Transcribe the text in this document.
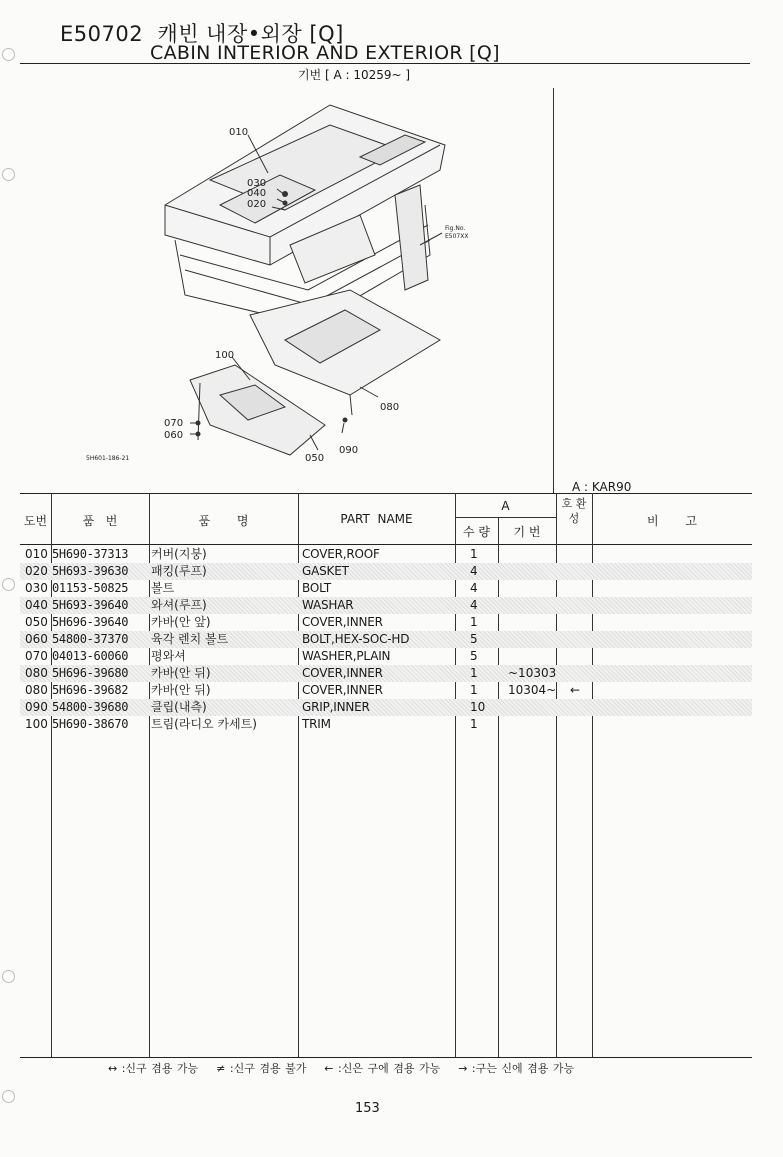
E50702 캐빈 내장•외장 [Q]
CABIN INTERIOR AND EXTERIOR [Q]
기번 [ A : 10259~ ]
010
030
040
020
100
070
060
080
090
050
Fig.No.
E507XX
5H601-186-21
A : KAR90
도번	품   번	품       명	PART  NAME
A
수 량	기 번
호 환 성	비       고
010 5H690-37313 커버(지붕)	COVER,ROOF	1
020 5H693-39630 패킹(루프)	GASKET	4
030 01153-50825 볼트	BOLT	4
040 5H693-39640 와셔(루프)	WASHAR	4
050 5H696-39640 카바(안 앞)	COVER,INNER	1
060 54800-37370 육각 렌치 볼트	BOLT,HEX-SOC-HD	5
070 04013-60060 평와셔	WASHER,PLAIN	5
080 5H696-39680 카바(안 뒤)	COVER,INNER	1	~10303
080 5H696-39682 카바(안 뒤)	COVER,INNER	1	10304~ ←
090 54800-39680 클립(내측)	GRIP,INNER	10
100 5H690-38670 트림(라디오 카세트)	TRIM	1
↔ :신구 겸용 가능    ≠ :신구 겸용 불가    ← :신은 구에 겸용 가능    → :구는 신에 겸용 가능
153
